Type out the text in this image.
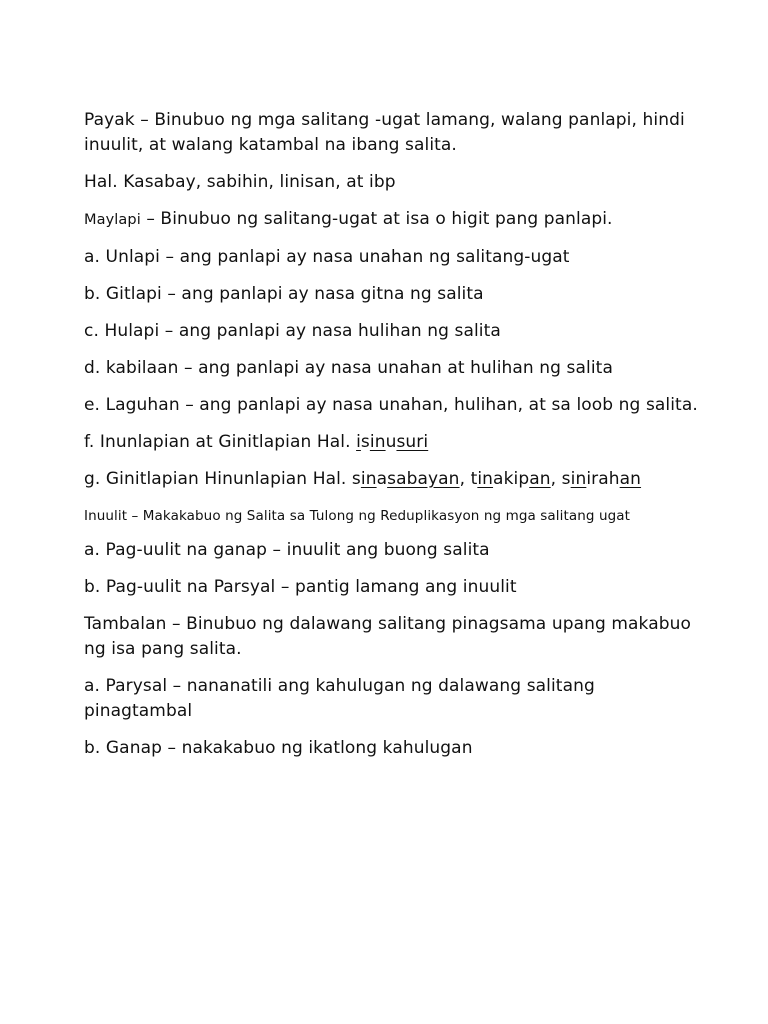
Payak – Binubuo ng mga salitang -ugat lamang, walang panlapi, hindi inuulit, at walang katambal na ibang salita.

Hal. Kasabay, sabihin, linisan, at ibp

Maylapi – Binubuo ng salitang-ugat at isa o higit pang panlapi.

a. Unlapi – ang panlapi ay nasa unahan ng salitang-ugat

b. Gitlapi – ang panlapi ay nasa gitna ng salita

c. Hulapi – ang panlapi ay nasa hulihan ng salita

d. kabilaan – ang panlapi ay nasa unahan at hulihan ng salita

e. Laguhan – ang panlapi ay nasa unahan, hulihan, at sa loob ng salita.

f. Inunlapian at Ginitlapian Hal. isinusuri

g. Ginitlapian Hinunlapian Hal. sinasabayan, tinakipan, sinirahan

Inuulit – Makakabuo ng Salita sa Tulong ng Reduplikasyon ng mga salitang ugat

a. Pag-uulit na ganap – inuulit ang buong salita

b. Pag-uulit na Parsyal – pantig lamang ang inuulit

Tambalan – Binubuo ng dalawang salitang pinagsama upang makabuo ng isa pang salita.

a. Parysal – nananatili ang kahulugan ng dalawang salitang pinagtambal

b. Ganap – nakakabuo ng ikatlong kahulugan
